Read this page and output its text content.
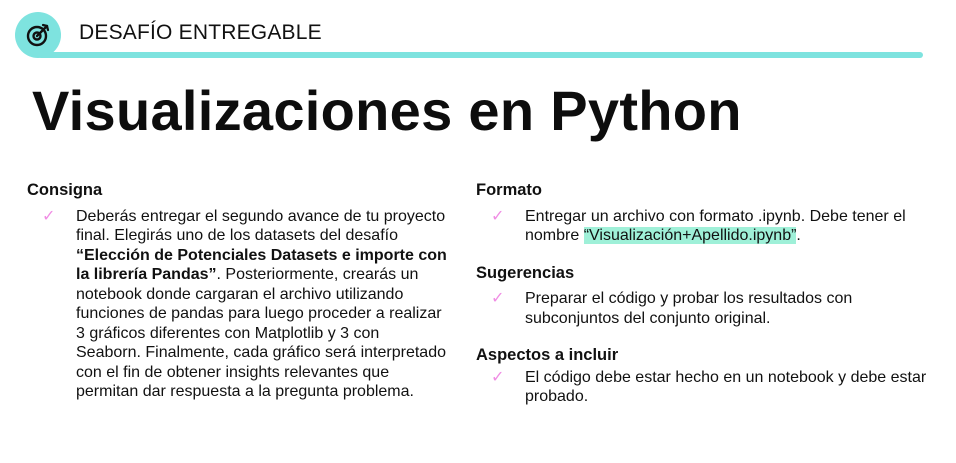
DESAFÍO ENTREGABLE
Visualizaciones en Python
Consigna
✓ Deberás entregar el segundo avance de tu proyecto final. Elegirás uno de los datasets del desafío “Elección de Potenciales Datasets e importe con la librería Pandas”. Posteriormente, crearás un notebook donde cargaran el archivo utilizando funciones de pandas para luego proceder a realizar 3 gráficos diferentes con Matplotlib y 3 con Seaborn. Finalmente, cada gráfico será interpretado con el fin de obtener insights relevantes que permitan dar respuesta a la pregunta problema.
Formato
✓ Entregar un archivo con formato .ipynb. Debe tener el nombre “Visualización+Apellido.ipynb”.
Sugerencias
✓ Preparar el código y probar los resultados con subconjuntos del conjunto original.
Aspectos a incluir
✓ El código debe estar hecho en un notebook y debe estar probado.
